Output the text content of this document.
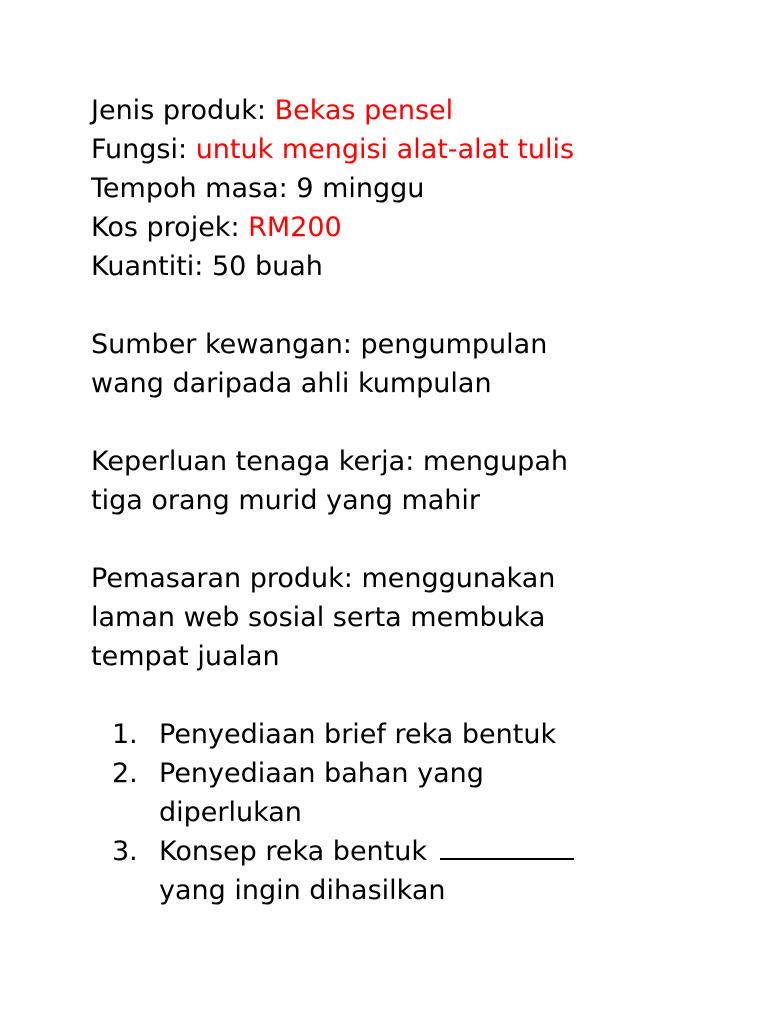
Jenis produk: Bekas pensel
Fungsi: untuk mengisi alat-alat tulis
Tempoh masa: 9 minggu
Kos projek: RM200
Kuantiti: 50 buah
Sumber kewangan: pengumpulan
wang daripada ahli kumpulan
Keperluan tenaga kerja: mengupah
tiga orang murid yang mahir
Pemasaran produk: menggunakan
laman web sosial serta membuka
tempat jualan
1. Penyediaan brief reka bentuk
2. Penyediaan bahan yang
diperlukan
3. Konsep reka bentuk
yang ingin dihasilkan
